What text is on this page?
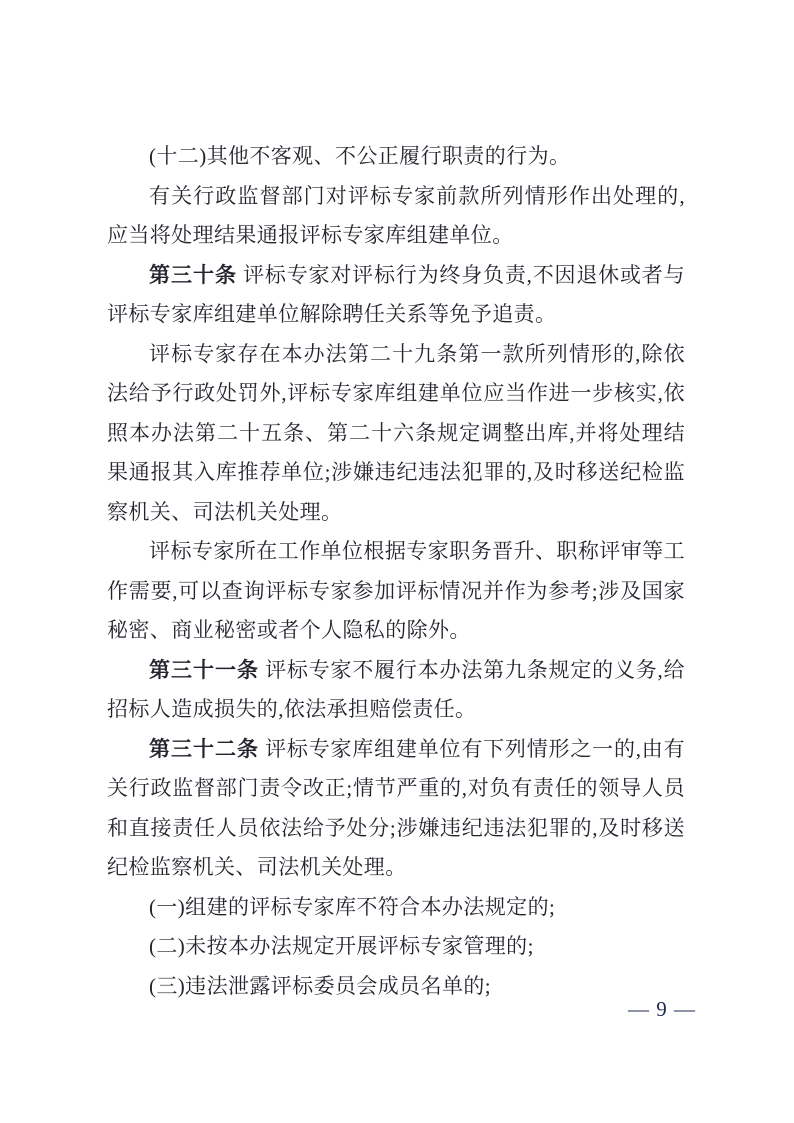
(十二)其他不客观、不公正履行职责的行为。

有关行政监督部门对评标专家前款所列情形作出处理的,应当将处理结果通报评标专家库组建单位。

第三十条 评标专家对评标行为终身负责,不因退休或者与评标专家库组建单位解除聘任关系等免予追责。

评标专家存在本办法第二十九条第一款所列情形的,除依法给予行政处罚外,评标专家库组建单位应当作进一步核实,依照本办法第二十五条、第二十六条规定调整出库,并将处理结果通报其入库推荐单位;涉嫌违纪违法犯罪的,及时移送纪检监察机关、司法机关处理。

评标专家所在工作单位根据专家职务晋升、职称评审等工作需要,可以查询评标专家参加评标情况并作为参考;涉及国家秘密、商业秘密或者个人隐私的除外。

第三十一条 评标专家不履行本办法第九条规定的义务,给招标人造成损失的,依法承担赔偿责任。

第三十二条 评标专家库组建单位有下列情形之一的,由有关行政监督部门责令改正;情节严重的,对负有责任的领导人员和直接责任人员依法给予处分;涉嫌违纪违法犯罪的,及时移送纪检监察机关、司法机关处理。

(一)组建的评标专家库不符合本办法规定的;

(二)未按本办法规定开展评标专家管理的;

(三)违法泄露评标委员会成员名单的;

— 9 —
